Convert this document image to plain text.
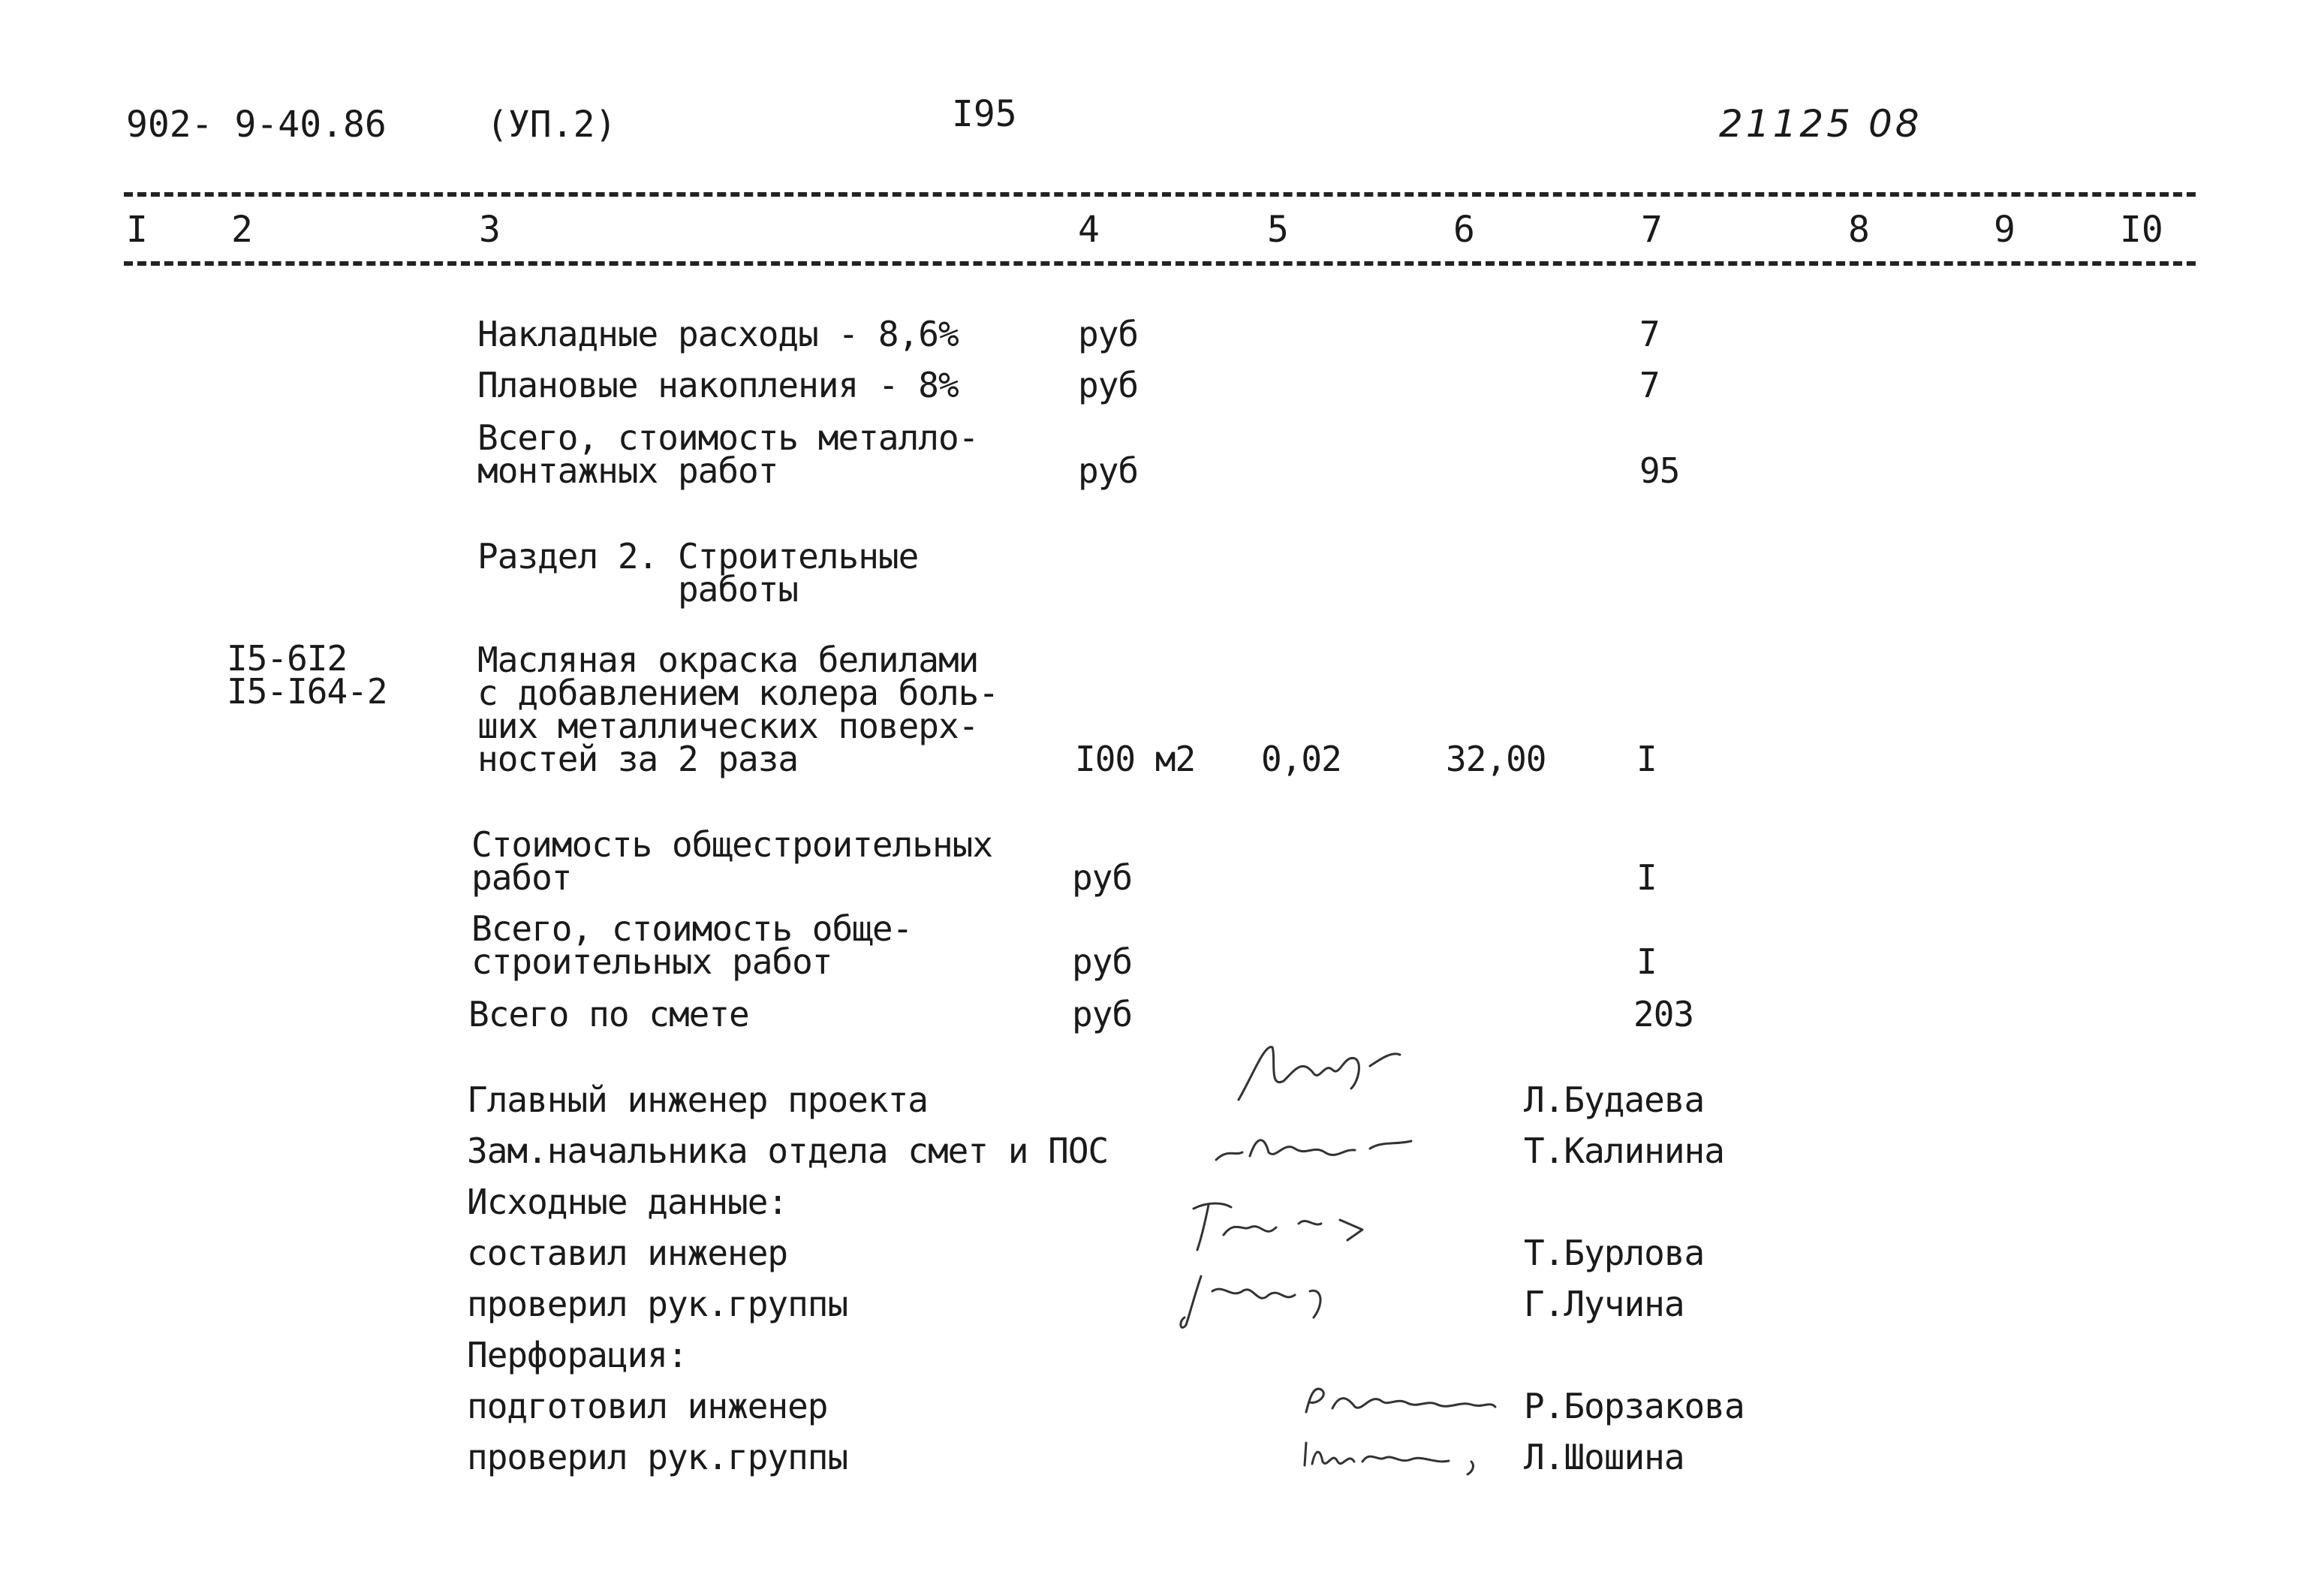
902- 9-40.86	(УП.2)	I95	21125 08
I 2	3	4	5	6	7	8	9	I0
Накладные расходы - 8,6%	руб	7
Плановые накопления - 8%	руб	7
Всего, стоимость металло-
монтажных работ	руб	95
Раздел 2. Строительные
работы
I5-6I2
I5-I64-2
Масляная окраска белилами
с добавлением колера боль-
ших металлических поверх-
ностей за 2 раза	I00 м2 0,02	32,00	I
Стоимость общестроительных
работ	руб	I
Всего, стоимость обще-
строительных работ	руб	I
Всего по смете	руб	203
Главный инженер проекта	Л.Будаева
Зам.начальника отдела смет и ПОС	Т.Калинина
Исходные данные:
составил инженер	Т.Бурлова
проверил рук.группы	Г.Лучина
Перфорация:
подготовил инженер	Р.Борзакова
проверил рук.группы	Л.Шошина
